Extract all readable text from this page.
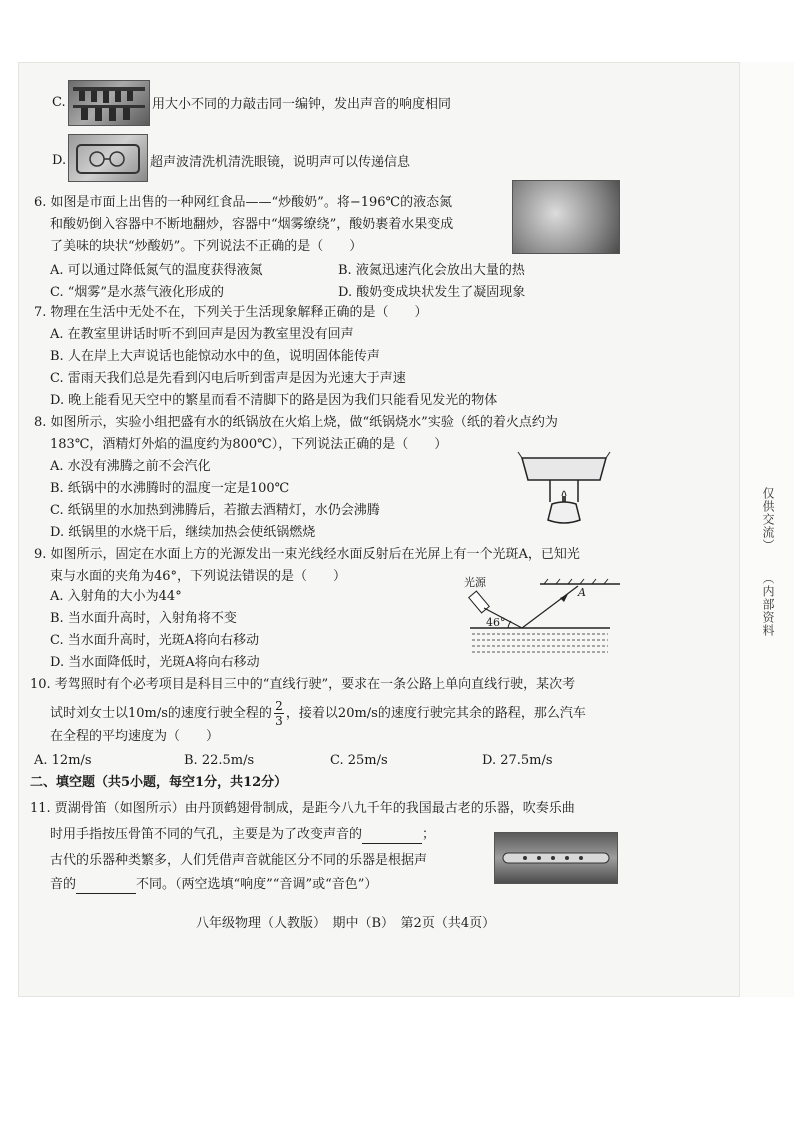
（内部资料
仅供交流）
C.	用大小不同的力敲击同一编钟，发出声音的响度相同
D.	超声波清洗机清洗眼镜，说明声可以传递信息
6. 如图是市面上出售的一种网红食品——“炒酸奶”。将−196℃的液态氮
和酸奶倒入容器中不断地翻炒，容器中“烟雾缭绕”，酸奶裹着水果变成
了美味的块状“炒酸奶”。下列说法不正确的是（　　）
A. 可以通过降低氮气的温度获得液氮	B. 液氮迅速汽化会放出大量的热
C. “烟雾”是水蒸气液化形成的	D. 酸奶变成块状发生了凝固现象
7. 物理在生活中无处不在，下列关于生活现象解释正确的是（　　）
A. 在教室里讲话时听不到回声是因为教室里没有回声
B. 人在岸上大声说话也能惊动水中的鱼，说明固体能传声
C. 雷雨天我们总是先看到闪电后听到雷声是因为光速大于声速
D. 晚上能看见天空中的繁星而看不清脚下的路是因为我们只能看见发光的物体
8. 如图所示，实验小组把盛有水的纸锅放在火焰上烧，做“纸锅烧水”实验（纸的着火点约为
183℃，酒精灯外焰的温度约为800℃），下列说法正确的是（　　）
A. 水没有沸腾之前不会汽化
B. 纸锅中的水沸腾时的温度一定是100℃
C. 纸锅里的水加热到沸腾后，若撤去酒精灯，水仍会沸腾
D. 纸锅里的水烧干后，继续加热会使纸锅燃烧
9. 如图所示，固定在水面上方的光源发出一束光线经水面反射后在光屏上有一个光斑A，已知光
束与水面的夹角为46°，下列说法错误的是（　　）
A. 入射角的大小为44°
B. 当水面升高时，入射角将不变
C. 当水面升高时，光斑A将向右移动
D. 当水面降低时，光斑A将向右移动
光源
A
46°
10. 考驾照时有个必考项目是科目三中的“直线行驶”，要求在一条公路上单向直线行驶，某次考
试时刘女士以10m/s的速度行驶全程的 $\frac{2}{3}$ ，接着以20m/s的速度行驶完其余的路程，那么汽车
在全程的平均速度为（　　）
A. 12m/s	B. 22.5m/s	C. 25m/s	D. 27.5m/s
二、填空题（共5小题，每空1分，共12分）
11. 贾湖骨笛（如图所示）由丹顶鹤翅骨制成，是距今八九千年的我国最古老的乐器，吹奏乐曲
时用手指按压骨笛不同的气孔，主要是为了改变声音的	；
古代的乐器种类繁多，人们凭借声音就能区分不同的乐器是根据声
音的	不同。（两空选填“响度”“音调”或“音色”）
八年级物理（人教版）　期中（B）　第2页（共4页）
